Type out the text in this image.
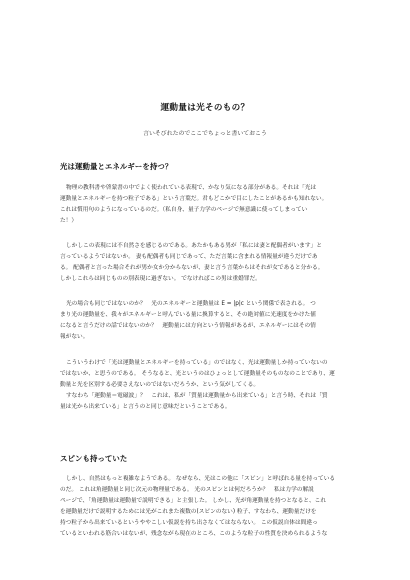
運動量は光そのもの？
言いそびれたのでここでちょっと書いておこう
光は運動量とエネルギーを持つ？
物理の教科書や啓蒙書の中でよく使われている表現で、かなり気になる部分がある。それは「光は
運動量とエネルギーを持つ粒子である」という言葉だ。君もどこかで目にしたことがあるかも知れない。
これは慣用句のようになっているのだ。（私自身、量子力学のページで無意識に使ってしまってい
た！）
しかしこの表現には不自然さを感じるのである。あたかもある男が「私には妻と配偶者がいます」と
言っているようではないか。 妻も配偶者も同じであって、ただ言葉に含まれる情報量が違うだけであ
る。 配偶者と言った場合それが男か女か分からないが、妻と言う言葉からはそれが女であると分かる。
しかしこれらは同じものの別表現に過ぎない。 でなければこの男は重婚罪だ。
光の場合も同じではないのか？　光のエネルギーと運動量は E = |p|c という関係で表される。 つ
まり光の運動量を、我々がエネルギーと呼んでいる量に換算すると、その絶対値に光速度をかけた値
になると言うだけの話ではないのか？　運動量には方向という情報があるが、エネルギーにはその情
報がない。
こういうわけで「光は運動量とエネルギーを持っている」のではなく、光は運動量しか持っていないの
ではないか、と思うのである。 そうなると、光というのはひょっとして運動量そのものなのことであり、運
動量と光を区別する必要さえないのではないだろうか、という気がしてくる。
すなわち「運動量＝電磁波」？　これは、私が「質量は運動量から出来ている」と言う時、それは「質
量は光から出来ている」と言うのと同じ意味だということである。
スピンも持っていた
しかし、自然はもっと複雑なようである。 なぜなら、光はこの他に「スピン」と呼ばれる量を持っている
のだ。 これは角運動量と同じ次元の物理量である。 光のスピンとは何だろうか？　私は力学の解説
ページで、「角運動量は運動量で説明できる」と主張した。 しかし、光が角運動量を持つとなると、これ
を運動量だけで説明するためには光がこれまた複数の(スピンのない) 粒子、すなわち、運動量だけを
持つ粒子から出来ているというややこしい仮説を持ち出さなくてはならない。 この仮説自体は間違っ
ているといわれる筋合いはないが、残念ながら現在のところ、このような粒子の性質を決められるような
